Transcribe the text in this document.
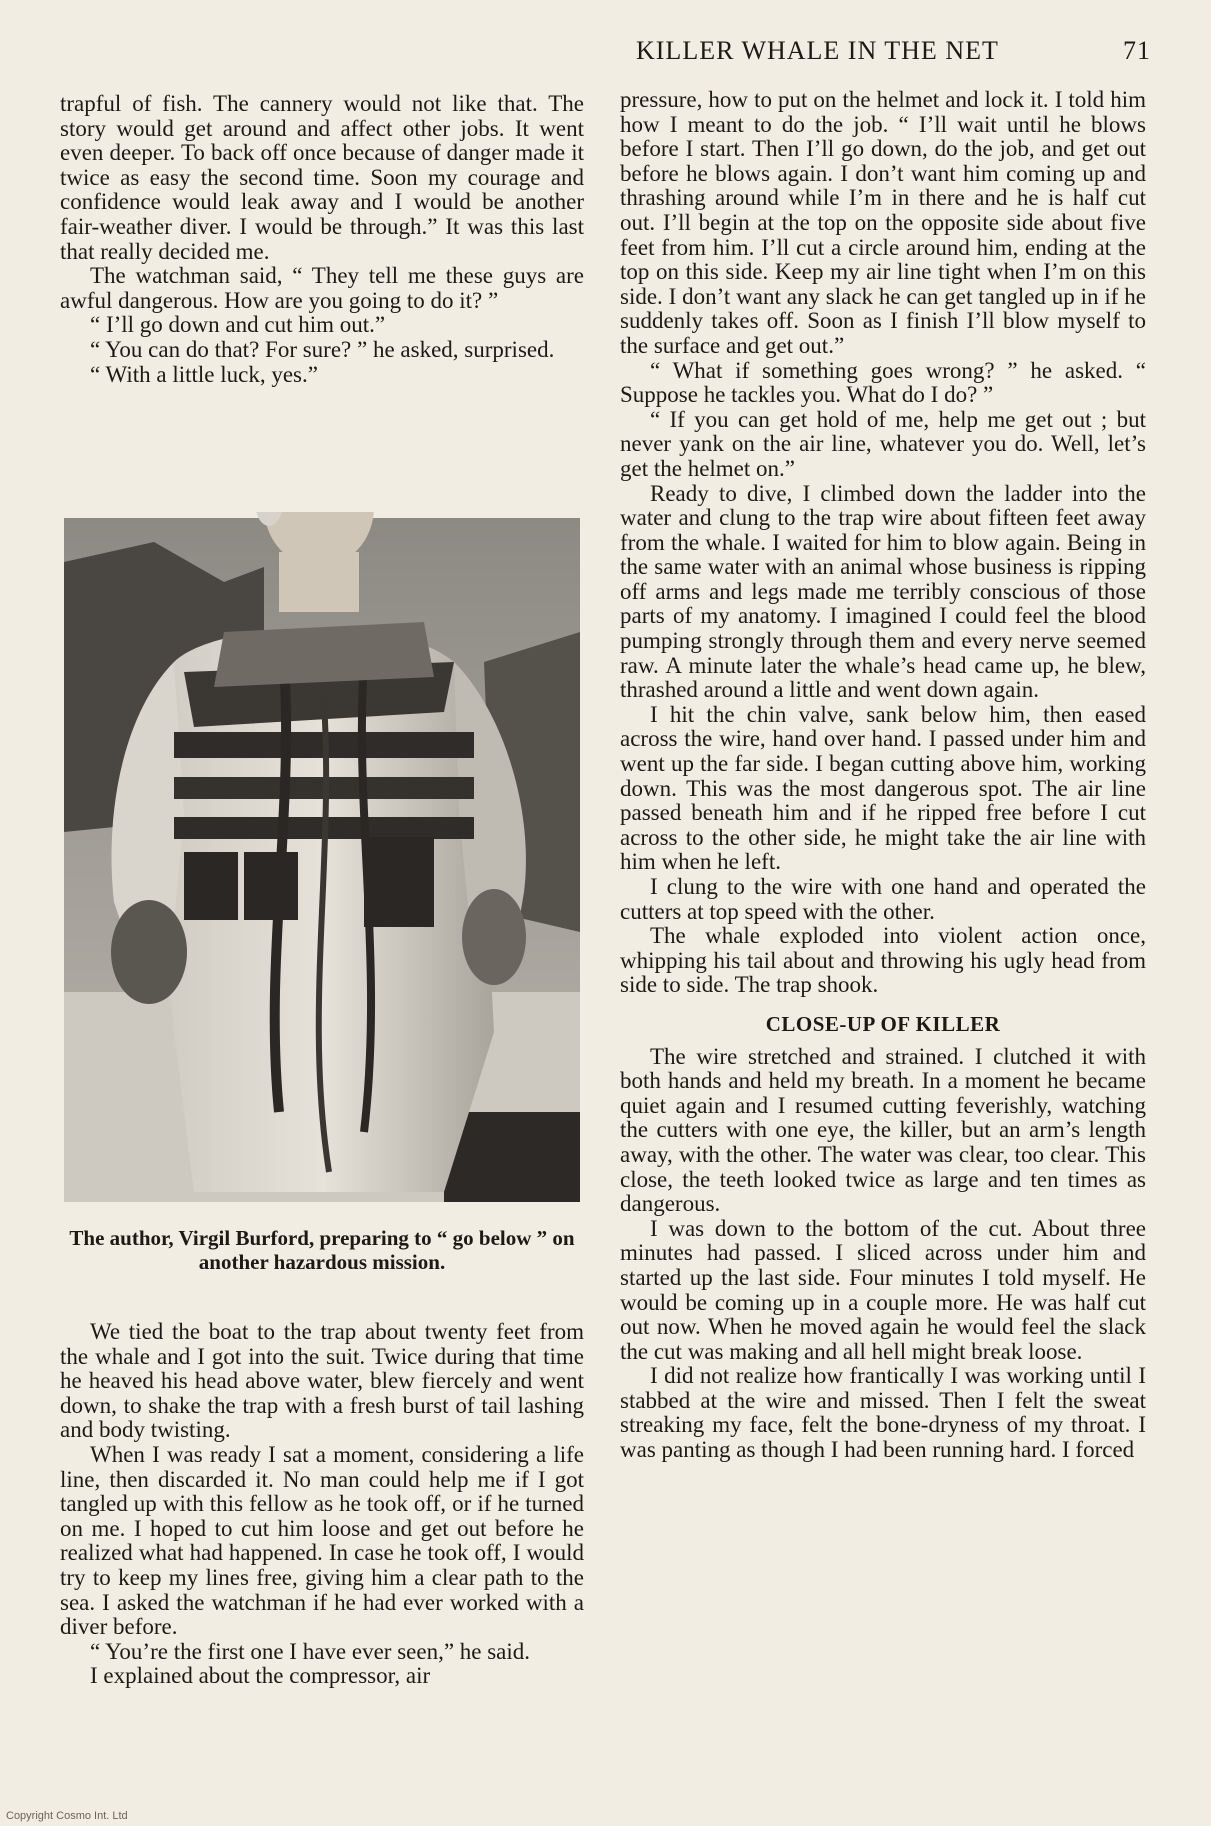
KILLER WHALE IN THE NET	71

trapful of fish. The cannery would not like that. The story would get around and affect other jobs. It went even deeper. To back off once because of danger made it twice as easy the second time. Soon my courage and confidence would leak away and I would be another fair-weather diver. I would be through.” It was this last that really decided me.

The watchman said, “ They tell me these guys are awful dangerous. How are you going to do it? ”

“ I’ll go down and cut him out.”

“ You can do that? For sure? ” he asked, surprised.

“ With a little luck, yes.”

The author, Virgil Burford, preparing to “ go below ” on another hazardous mission.

We tied the boat to the trap about twenty feet from the whale and I got into the suit. Twice during that time he heaved his head above water, blew fiercely and went down, to shake the trap with a fresh burst of tail lashing and body twisting.

When I was ready I sat a moment, considering a life line, then discarded it. No man could help me if I got tangled up with this fellow as he took off, or if he turned on me. I hoped to cut him loose and get out before he realized what had happened. In case he took off, I would try to keep my lines free, giving him a clear path to the sea. I asked the watchman if he had ever worked with a diver before.

“ You’re the first one I have ever seen,” he said.

I explained about the compressor, air

pressure, how to put on the helmet and lock it. I told him how I meant to do the job. “ I’ll wait until he blows before I start. Then I’ll go down, do the job, and get out before he blows again. I don’t want him coming up and thrashing around while I’m in there and he is half cut out. I’ll begin at the top on the opposite side about five feet from him. I’ll cut a circle around him, ending at the top on this side. Keep my air line tight when I’m on this side. I don’t want any slack he can get tangled up in if he suddenly takes off. Soon as I finish I’ll blow myself to the surface and get out.”

“ What if something goes wrong? ” he asked. “ Suppose he tackles you. What do I do? ”

“ If you can get hold of me, help me get out ; but never yank on the air line, whatever you do. Well, let’s get the helmet on.”

Ready to dive, I climbed down the ladder into the water and clung to the trap wire about fifteen feet away from the whale. I waited for him to blow again. Being in the same water with an animal whose business is ripping off arms and legs made me terribly conscious of those parts of my anatomy. I imagined I could feel the blood pumping strongly through them and every nerve seemed raw. A minute later the whale’s head came up, he blew, thrashed around a little and went down again.

I hit the chin valve, sank below him, then eased across the wire, hand over hand. I passed under him and went up the far side. I began cutting above him, working down. This was the most dangerous spot. The air line passed beneath him and if he ripped free before I cut across to the other side, he might take the air line with him when he left.

I clung to the wire with one hand and operated the cutters at top speed with the other.

The whale exploded into violent action once, whipping his tail about and throwing his ugly head from side to side. The trap shook.

CLOSE-UP OF KILLER

The wire stretched and strained. I clutched it with both hands and held my breath. In a moment he became quiet again and I resumed cutting feverishly, watching the cutters with one eye, the killer, but an arm’s length away, with the other. The water was clear, too clear. This close, the teeth looked twice as large and ten times as dangerous.

I was down to the bottom of the cut. About three minutes had passed. I sliced across under him and started up the last side. Four minutes I told myself. He would be coming up in a couple more. He was half cut out now. When he moved again he would feel the slack the cut was making and all hell might break loose.

I did not realize how frantically I was working until I stabbed at the wire and missed. Then I felt the sweat streaking my face, felt the bone-dryness of my throat. I was panting as though I had been running hard. I forced

Copyright Cosmo Int. Ltd
